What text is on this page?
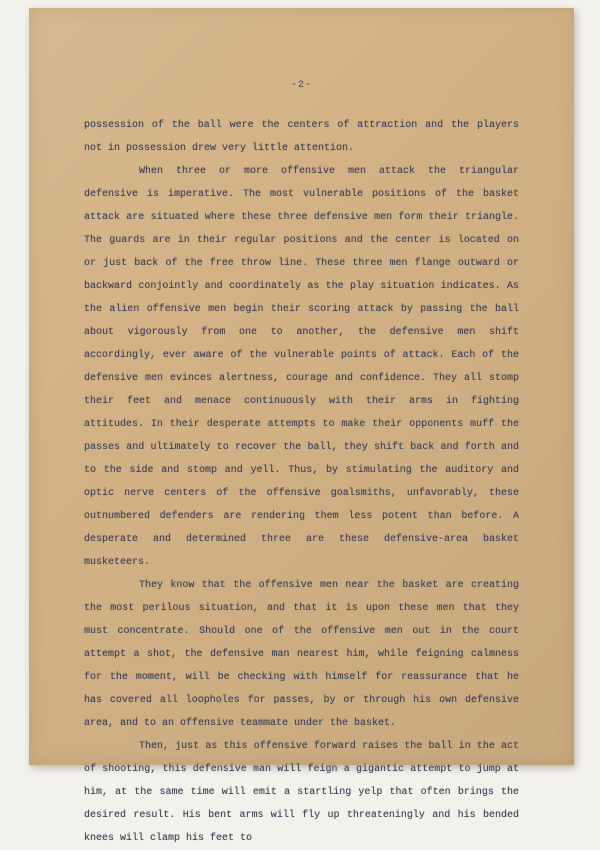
-2-

possession of the ball were the centers of attraction and the players not in possession drew very little attention.

When three or more offensive men attack the triangular defensive is imperative. The most vulnerable positions of the basket attack are situated where these three defensive men form their triangle. The guards are in their regular positions and the center is located on or just back of the free throw line. These three men flange outward or backward conjointly and coordinately as the play situation indicates. As the alien offensive men begin their scoring attack by passing the ball about vigorously from one to another, the defensive men shift accordingly, ever aware of the vulnerable points of attack. Each of the defensive men evinces alertness, courage and confidence. They all stomp their feet and menace continuously with their arms in fighting attitudes. In their desperate attempts to make their opponents muff the passes and ultimately to recover the ball, they shift back and forth and to the side and stomp and yell. Thus, by stimulating the auditory and optic nerve centers of the offensive goalsmiths, unfavorably, these outnumbered defenders are rendering them less potent than before. A desperate and determined three are these defensive-area basket musketeers.

They know that the offensive men near the basket are creating the most perilous situation, and that it is upon these men that they must concentrate. Should one of the offensive men out in the court attempt a shot, the defensive man nearest him, while feigning calmness for the moment, will be checking with himself for reassurance that he has covered all loopholes for passes, by or through his own defensive area, and to an offensive teammate under the basket.

Then, just as this offensive forward raises the ball in the act of shooting, this defensive man will feign a gigantic attempt to jump at him, at the same time will emit a startling yelp that often brings the desired result. His bent arms will fly up threateningly and his bended knees will clamp his feet to
